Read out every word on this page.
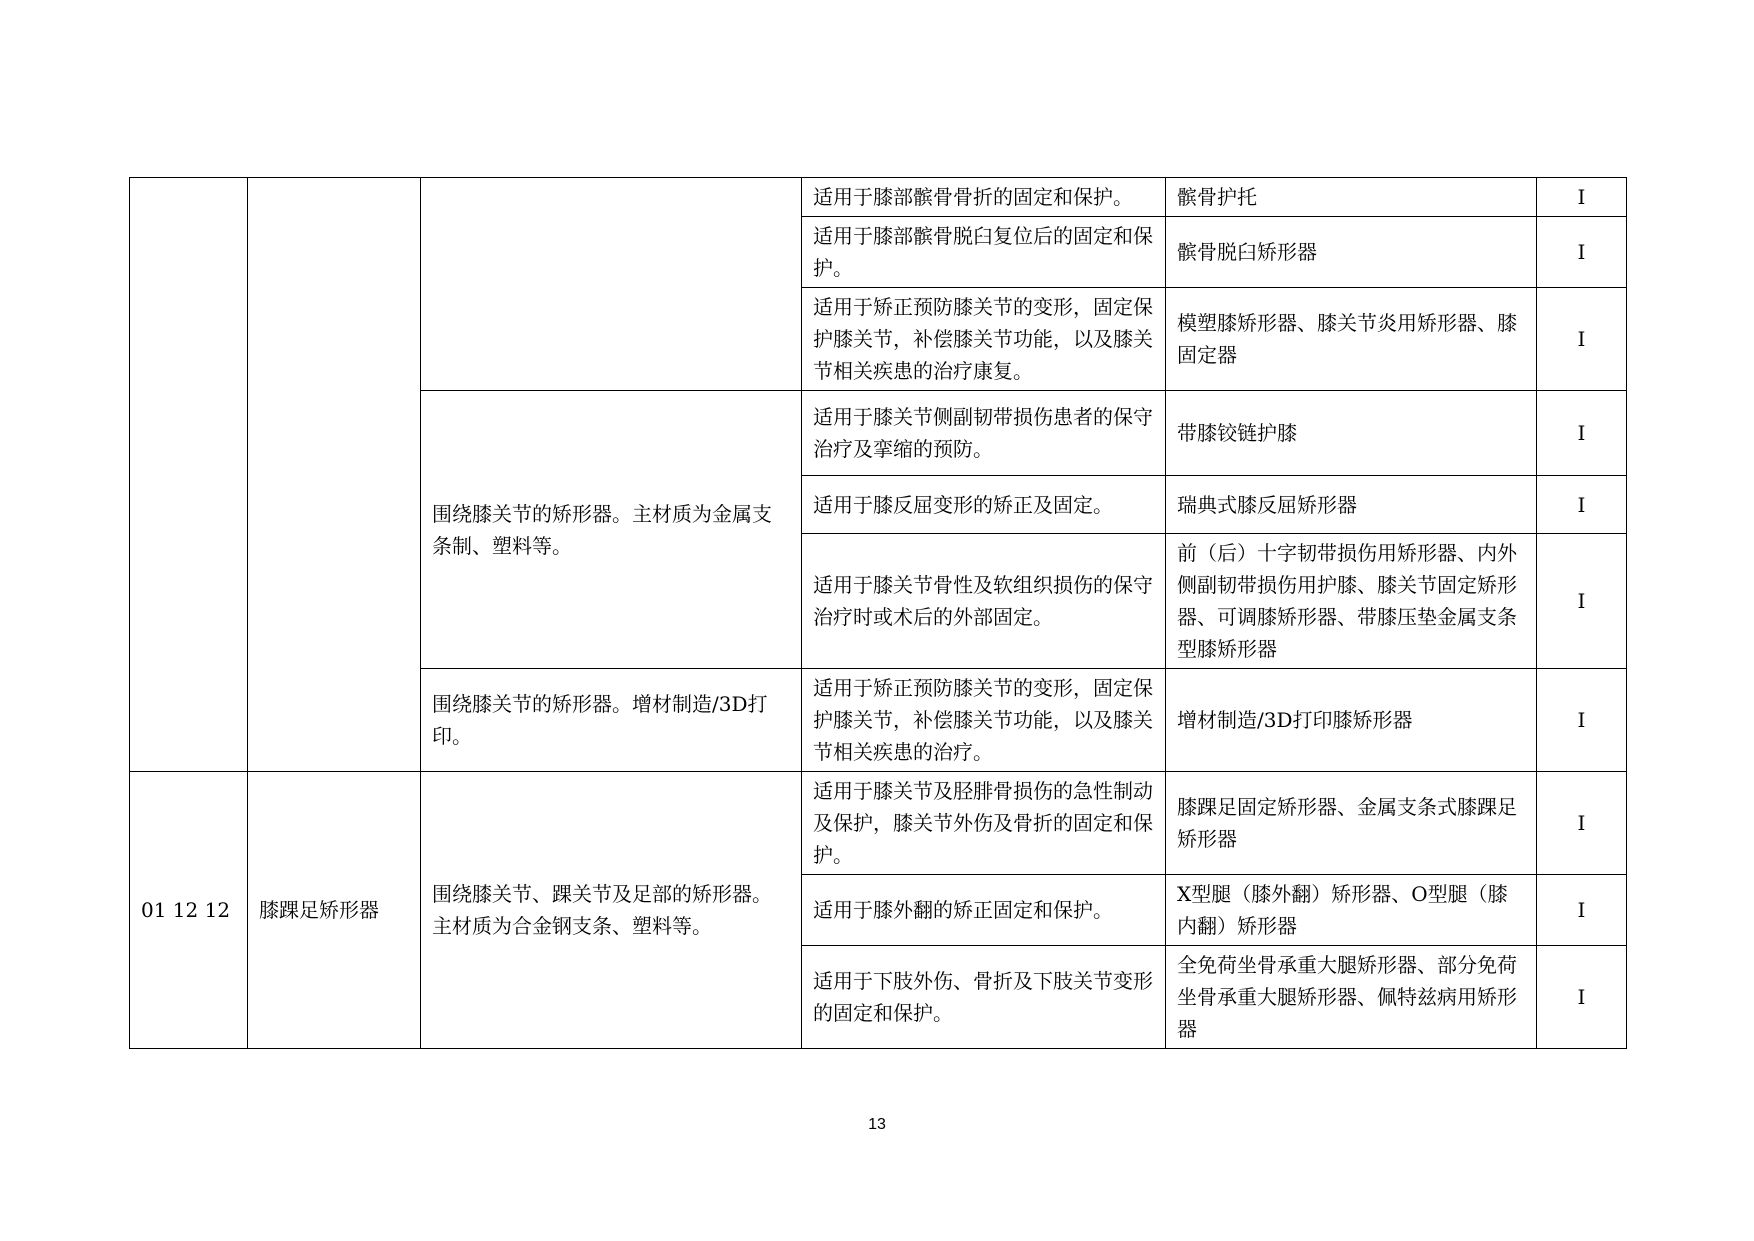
			适用于膝部髌骨骨折的固定和保护。	髌骨护托	I
			适用于膝部髌骨脱臼复位后的固定和保护。	髌骨脱臼矫形器	I
			适用于矫正预防膝关节的变形，固定保护膝关节，补偿膝关节功能，以及膝关节相关疾患的治疗康复。	模塑膝矫形器、膝关节炎用矫形器、膝固定器	I
		围绕膝关节的矫形器。主材质为金属支条制、塑料等。	适用于膝关节侧副韧带损伤患者的保守治疗及挛缩的预防。	带膝铰链护膝	I
			适用于膝反屈变形的矫正及固定。	瑞典式膝反屈矫形器	I
			适用于膝关节骨性及软组织损伤的保守治疗时或术后的外部固定。	前（后）十字韧带损伤用矫形器、内外侧副韧带损伤用护膝、膝关节固定矫形器、可调膝矫形器、带膝压垫金属支条型膝矫形器	I
		围绕膝关节的矫形器。增材制造/3D打印。	适用于矫正预防膝关节的变形，固定保护膝关节，补偿膝关节功能，以及膝关节相关疾患的治疗。	增材制造/3D打印膝矫形器	I
01 12 12	膝踝足矫形器	围绕膝关节、踝关节及足部的矫形器。主材质为合金钢支条、塑料等。	适用于膝关节及胫腓骨损伤的急性制动及保护，膝关节外伤及骨折的固定和保护。	膝踝足固定矫形器、金属支条式膝踝足矫形器	I
			适用于膝外翻的矫正固定和保护。	X型腿（膝外翻）矫形器、O型腿（膝内翻）矫形器	I
			适用于下肢外伤、骨折及下肢关节变形的固定和保护。	全免荷坐骨承重大腿矫形器、部分免荷坐骨承重大腿矫形器、佩特兹病用矫形器	I
13
